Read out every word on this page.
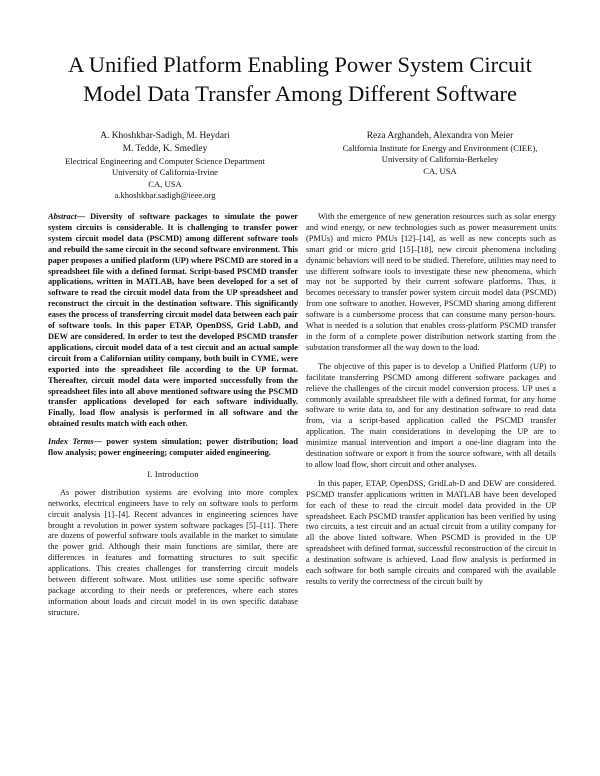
A Unified Platform Enabling Power System Circuit Model Data Transfer Among Different Software
A. Khoshkbar-Sadigh, M. Heydari
M. Tedde, K. Smedley
Electrical Engineering and Computer Science Department
University of California-Irvine
CA, USA
a.khoshkbar.sadigh@ieee.org
Reza Arghandeh, Alexandra von Meier
California Institute for Energy and Environment (CIEE),
University of California-Berkeley
CA, USA

Abstract— Diversity of software packages to simulate the power system circuits is considerable. It is challenging to transfer power system circuit model data (PSCMD) among different software tools and rebuild the same circuit in the second software environment. This paper proposes a unified platform (UP) where PSCMD are stored in a spreadsheet file with a defined format. Script-based PSCMD transfer applications, written in MATLAB, have been developed for a set of software to read the circuit model data from the UP spreadsheet and reconstruct the circuit in the destination software. This significantly eases the process of transferring circuit model data between each pair of software tools. In this paper ETAP, OpenDSS, Grid LabD, and DEW are considered. In order to test the developed PSCMD transfer applications, circuit model data of a test circuit and an actual sample circuit from a Californian utility company, both built in CYME, were exported into the spreadsheet file according to the UP format. Thereafter, circuit model data were imported successfully from the spreadsheet files into all above mentioned software using the PSCMD transfer applications developed for each software individually. Finally, load flow analysis is performed in all software and the obtained results match with each other.

Index Terms— power system simulation; power distribution; load flow analysis; power engineering; computer aided engineering.

I. Introduction

As power distribution systems are evolving into more complex networks, electrical engineers have to rely on software tools to perform circuit analysis [1]–[4]. Recent advances in engineering sciences have brought a revolution in power system software packages [5]–[11]. There are dozens of powerful software tools available in the market to simulate the power grid. Although their main functions are similar, there are differences in features and formatting structures to suit specific applications. This creates challenges for transferring circuit models between different software. Most utilities use some specific software package according to their needs or preferences, where each stores information about loads and circuit model in its own specific database structure.

With the emergence of new generation resources such as solar energy and wind energy, or new technologies such as power measurement units (PMUs) and micro PMUs [12]–[14], as well as new concepts such as smart grid or micro grid [15]–[18], new circuit phenomena including dynamic behaviors will need to be studied. Therefore, utilities may need to use different software tools to investigate these new phenomena, which may not be supported by their current software platforms. Thus, it becomes necessary to transfer power system circuit model data (PSCMD) from one software to another. However, PSCMD sharing among different software is a cumbersome process that can consume many person-hours. What is needed is a solution that enables cross-platform PSCMD transfer in the form of a complete power distribution network starting from the substation transformer all the way down to the load.

The objective of this paper is to develop a Unified Platform (UP) to facilitate transferring PSCMD among different software packages and relieve the challenges of the circuit model conversion process. UP uses a commonly available spreadsheet file with a defined format, for any home software to write data to, and for any destination software to read data from, via a script-based application called the PSCMD transfer application. The main considerations in developing the UP are to minimize manual intervention and import a one-line diagram into the destination software or export it from the source software, with all details to allow load flow, short circuit and other analyses.

In this paper, ETAP, OpenDSS, GridLab-D and DEW are considered. PSCMD transfer applications written in MATLAB have been developed for each of these to read the circuit model data provided in the UP spreadsheet. Each PSCMD transfer application has been verified by using two circuits, a test circuit and an actual circuit from a utility company for all the above listed software. When PSCMD is provided in the UP spreadsheet with defined format, successful reconstruction of the circuit in a destination software is achieved. Load flow analysis is performed in each software for both sample circuits and compared with the available results to verify the correctness of the circuit built by
